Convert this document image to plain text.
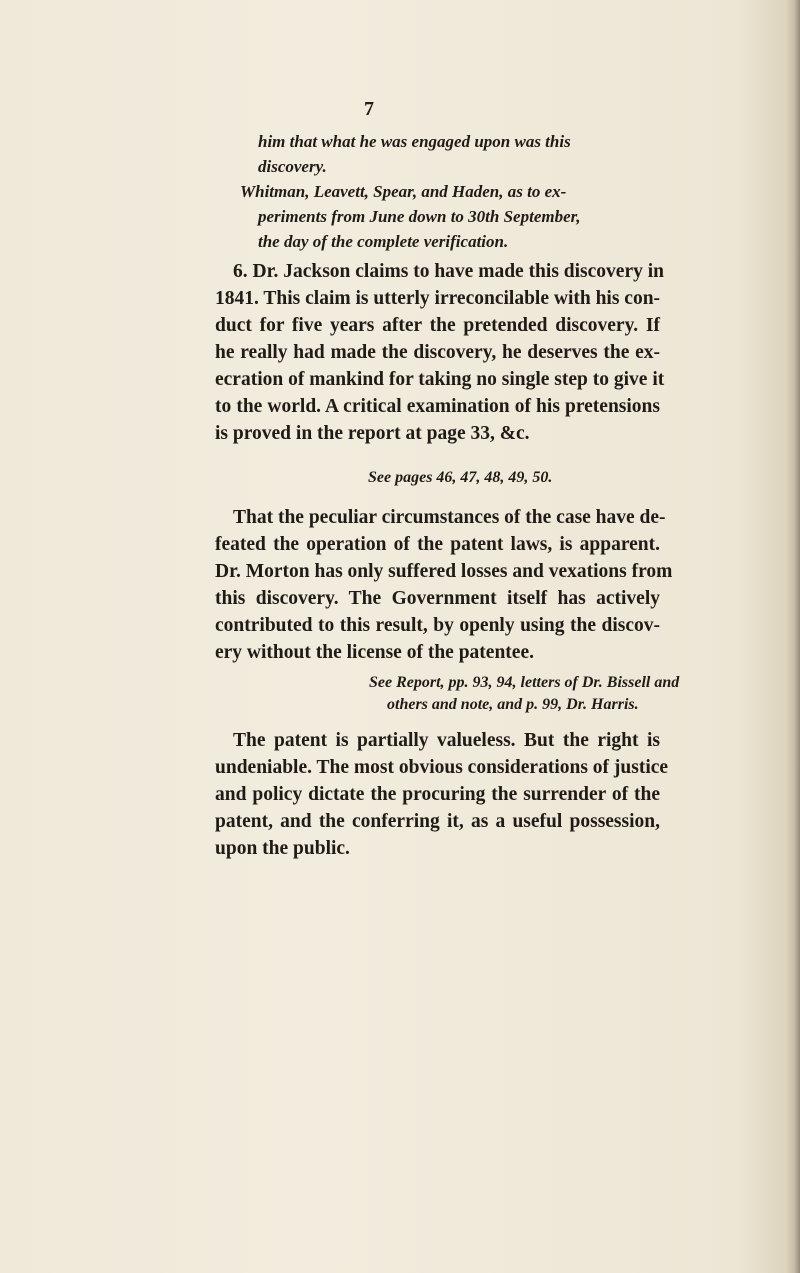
7
him that what he was engaged upon was this
discovery.
Whitman, Leavett, Spear, and Haden, as to ex-
periments from June down to 30th September,
the day of the complete verification.
6. Dr. Jackson claims to have made this discovery in
1841. This claim is utterly irreconcilable with his con-
duct for five years after the pretended discovery. If
he really had made the discovery, he deserves the ex-
ecration of mankind for taking no single step to give it
to the world. A critical examination of his pretensions
is proved in the report at page 33, &c.
See pages 46, 47, 48, 49, 50.
That the peculiar circumstances of the case have de-
feated the operation of the patent laws, is apparent.
Dr. Morton has only suffered losses and vexations from
this discovery. The Government itself has actively
contributed to this result, by openly using the discov-
ery without the license of the patentee.
See Report, pp. 93, 94, letters of Dr. Bissell and
others and note, and p. 99, Dr. Harris.
The patent is partially valueless. But the right is
undeniable. The most obvious considerations of justice
and policy dictate the procuring the surrender of the
patent, and the conferring it, as a useful possession,
upon the public.
